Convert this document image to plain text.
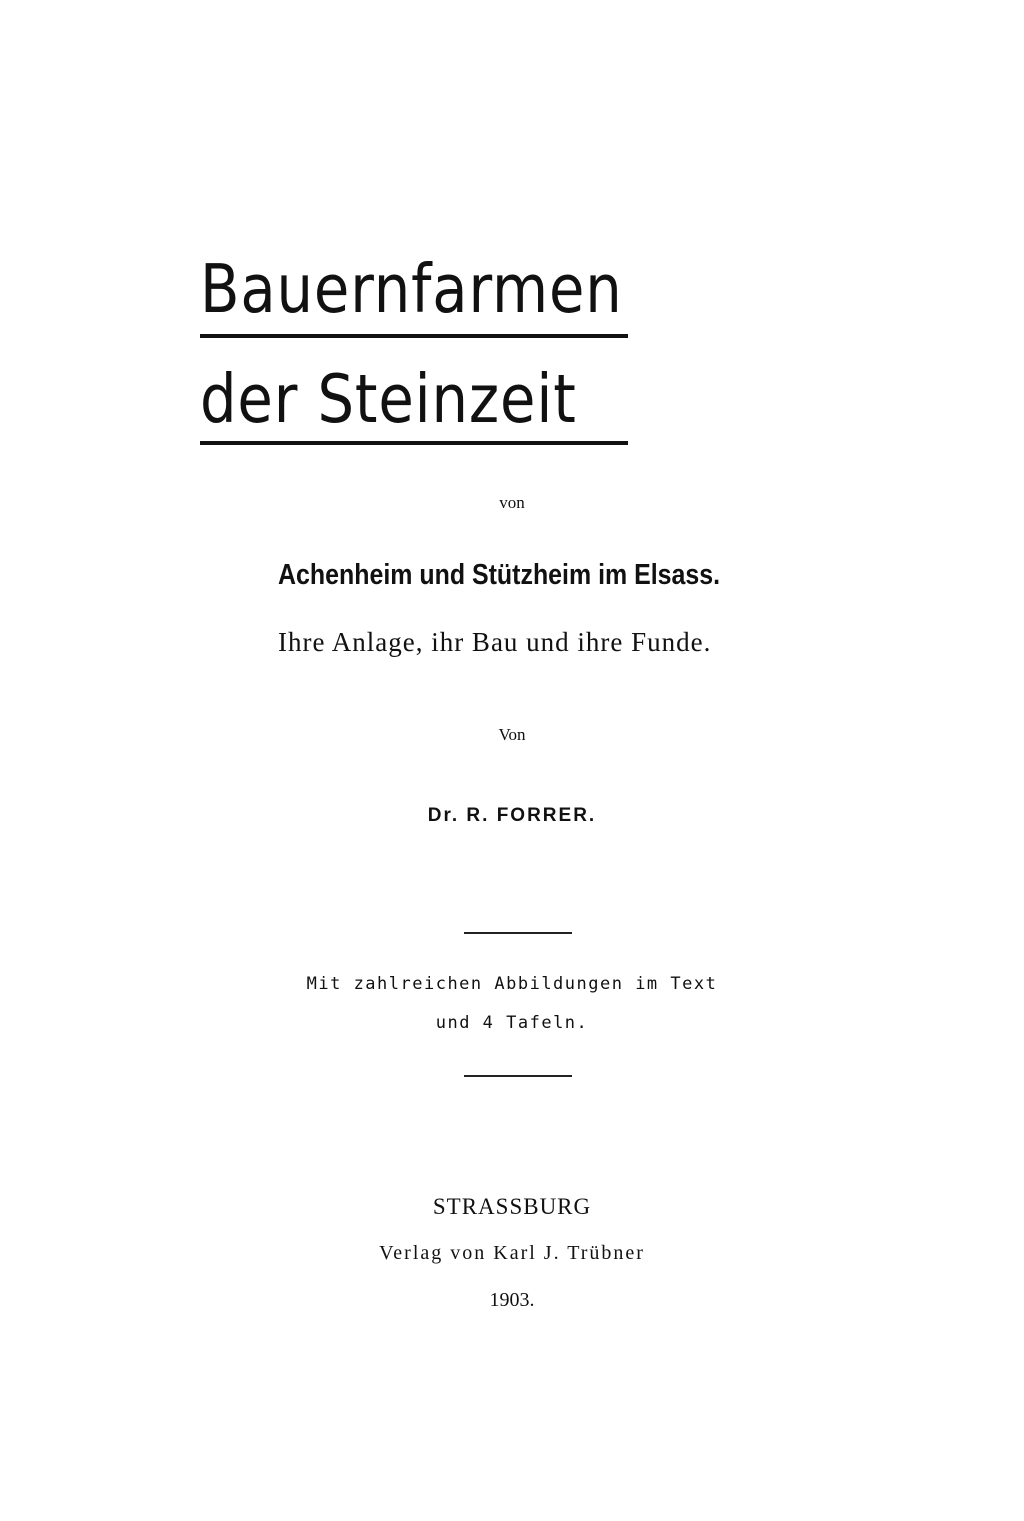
Bauernfarmen
der Steinzeit
von
Achenheim und Stützheim im Elsass.
Ihre Anlage, ihr Bau und ihre Funde.
Von
Dr. R. FORRER.
Mit zahlreichen Abbildungen im Text
und 4 Tafeln.
STRASSBURG
Verlag von Karl J. Trübner
1903.
